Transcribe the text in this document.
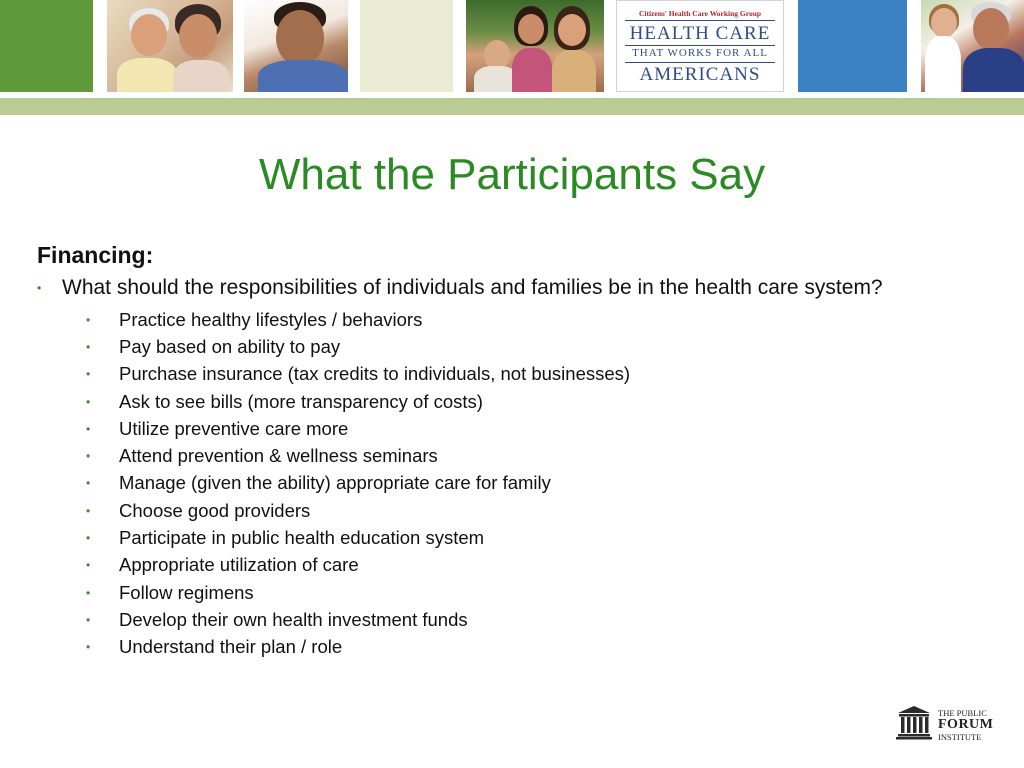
Citizens' Health Care Working Group
HEALTH CARE
THAT WORKS FOR ALL
AMERICANS
What the Participants Say
Financing:
• What should the responsibilities of individuals and families be in the health care system?
•	Practice healthy lifestyles / behaviors
•	Pay based on ability to pay
•	Purchase insurance (tax credits to individuals, not businesses)
•	Ask to see bills (more transparency of costs)
•	Utilize preventive care more
•	Attend prevention & wellness seminars
•	Manage (given the ability) appropriate care for family
•	Choose good providers
•	Participate in public health education system
•	Appropriate utilization of care
•	Follow regimens
•	Develop their own health investment funds
•	Understand their plan / role
THE PUBLIC
FORUM
INSTITUTE
